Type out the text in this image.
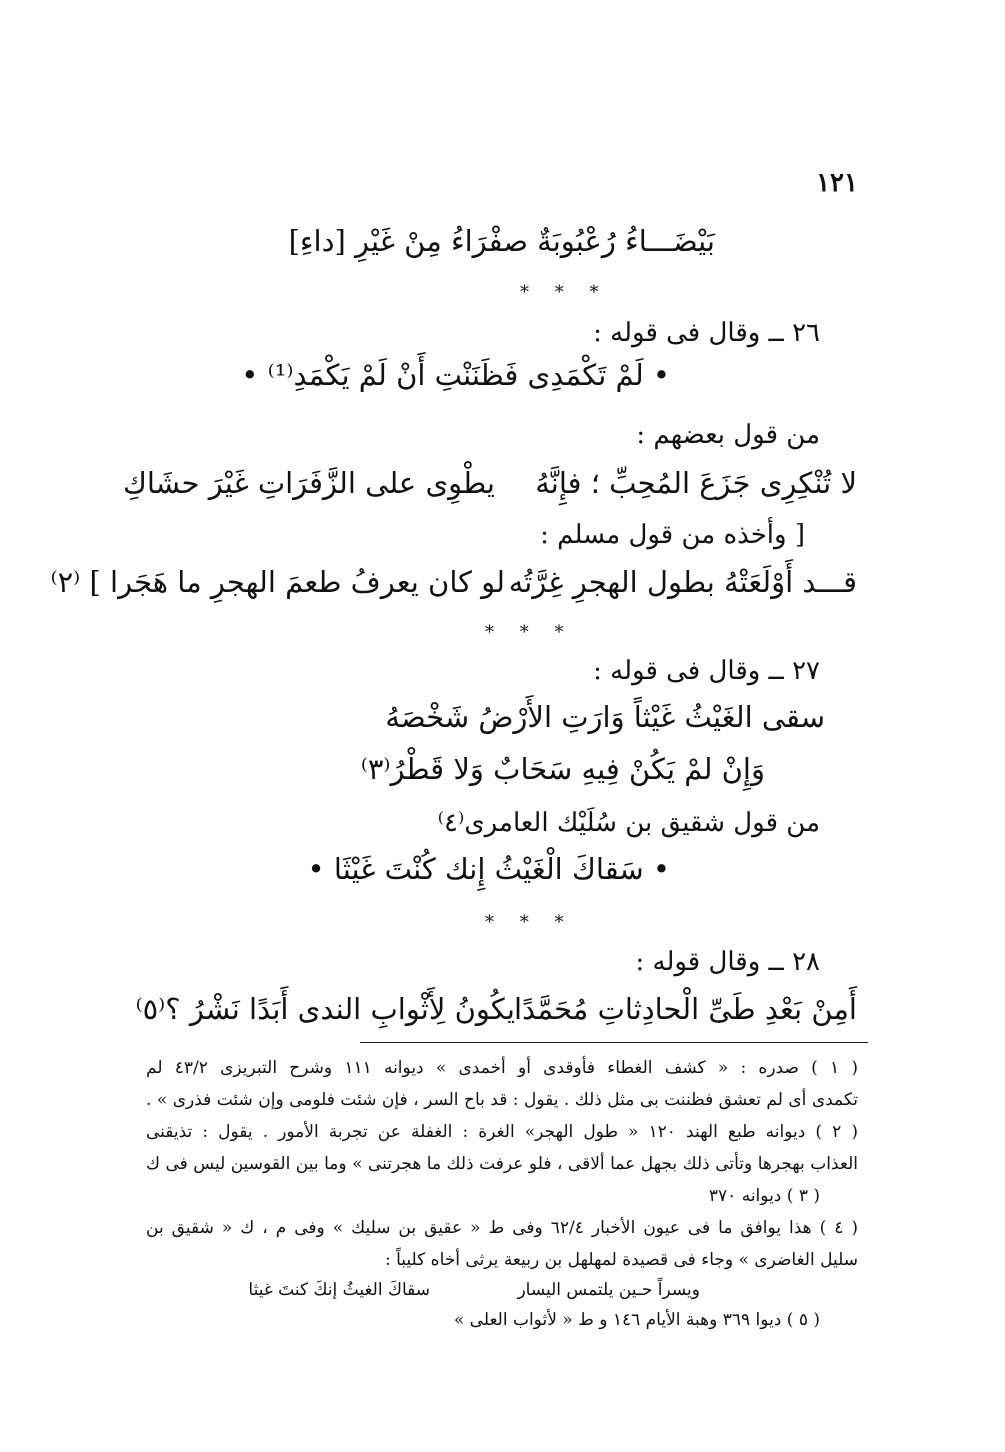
١٢١
بَيْضَـــاءُ رُعْبُوبَةٌ صفْرَاءُ مِنْ غَيْرِ [داءِ]
* * *
٢٦ ــ وقال فى قوله :
• لَمْ تَكْمَدِى فَظَنَنْتِ أَنْ لَمْ يَكْمَدِ⁽¹⁾ •
من قول بعضهم :
لا تُنْكِرِى جَزَعَ المُحِبِّ ؛ فإِنَّهُ
يطْوِى على الزَّفَرَاتِ غَيْرَ حشَاكِ
[ وأخذه من قول مسلم :
قـــد أَوْلَعَتْهُ بطول الهجرِ غِرَّتُه
لو كان يعرفُ طعمَ الهجرِ ما هَجَرا ] ⁽٢⁾
* * *
٢٧ ــ وقال فى قوله :
سقى الغَيْثُ غَيْثاً وَارَتِ الأَرْضُ شَخْصَهُ
وَإِنْ لمْ يَكُنْ فِيهِ سَحَابٌ وَلا قَطْرُ⁽٣⁾
من قول شقيق بن سُلَيْك العامرى⁽٤⁾
• سَقاكَ الْغَيْثُ إِنك كُنْتَ غَيْثَا •
* * *
٢٨ ــ وقال قوله :
أَمِنْ بَعْدِ طَىِّ الْحادِثاتِ مُحَمَّدًا
يكُونُ لِأَثْوابِ الندى أَبَدًا نَشْرُ ؟⁽٥⁾
( ١ ) صدره : « كشف الغطاء فأوقدى أو أخمدى » ديوانه ١١١ وشرح التبريزى ٤٣/٢ لم
تكمدى أى لم تعشق فظننت بى مثل ذلك . يقول : قد باح السر ، فإن شئت فلومى وإن شئت فذرى » .
( ٢ ) ديوانه طبع الهند ١٢٠ « طول الهجر» الغرة : الغفلة عن تجربة الأمور . يقول : تذيقنى
العذاب بهجرها وتأتى ذلك بجهل عما ألاقى ، فلو عرفت ذلك ما هجرتنى » وما بين القوسين ليس فى ك
( ٣ ) ديوانه ٣٧٠
( ٤ ) هذا يوافق ما فى عيون الأخبار ٦٢/٤ وفى ط « عقيق بن سليك » وفى م ، ك « شقيق بن
سليل الغاضرى » وجاء فى قصيدة لمهلهل بن ربيعة يرثى أخاه كليباً :
سقاكَ الغيثُ إنكَ كنتَ غيثا	ويسراً حـين يلتمس اليسار
( ٥ ) ديوا ٣٦٩ وهبة الأيام ١٤٦ و ط « لأثواب العلى »
